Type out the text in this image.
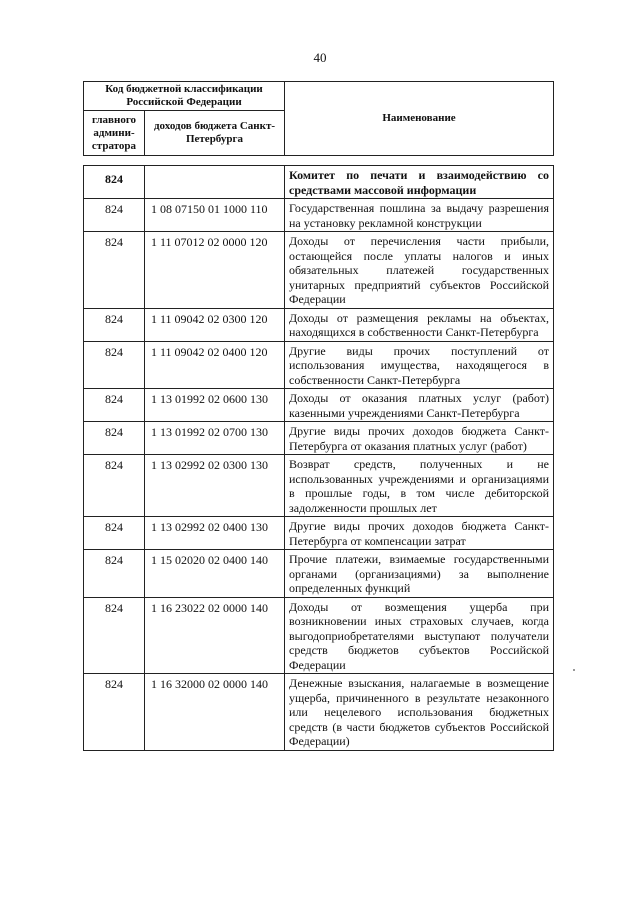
40
Код бюджетной классификации Российской Федерации		Наименование
главного админи-стратора	доходов бюджета Санкт-Петербурга	
824		Комитет по печати и взаимодействию со средствами массовой информации
824	1 08 07150 01 1000 110	Государственная пошлина за выдачу разрешения на установку рекламной конструкции
824	1 11 07012 02 0000 120	Доходы от перечисления части прибыли, остающейся после уплаты налогов и иных обязательных платежей государственных унитарных предприятий субъектов Российской Федерации
824	1 11 09042 02 0300 120	Доходы от размещения рекламы на объектах, находящихся в собственности Санкт-Петербурга
824	1 11 09042 02 0400 120	Другие виды прочих поступлений от использования имущества, находящегося в собственности Санкт-Петербурга
824	1 13 01992 02 0600 130	Доходы от оказания платных услуг (работ) казенными учреждениями Санкт-Петербурга
824	1 13 01992 02 0700 130	Другие виды прочих доходов бюджета Санкт-Петербурга от оказания платных услуг (работ)
824	1 13 02992 02 0300 130	Возврат средств, полученных и не использованных учреждениями и организациями в прошлые годы, в том числе дебиторской задолженности прошлых лет
824	1 13 02992 02 0400 130	Другие виды прочих доходов бюджета Санкт-Петербурга от компенсации затрат
824	1 15 02020 02 0400 140	Прочие платежи, взимаемые государственными органами (организациями) за выполнение определенных функций
824	1 16 23022 02 0000 140	Доходы от возмещения ущерба при возникновении иных страховых случаев, когда выгодоприобретателями выступают получатели средств бюджетов субъектов Российской Федерации
824	1 16 32000 02 0000 140	Денежные взыскания, налагаемые в возмещение ущерба, причиненного в результате незаконного или нецелевого использования бюджетных средств (в части бюджетов субъектов Российской Федерации)
